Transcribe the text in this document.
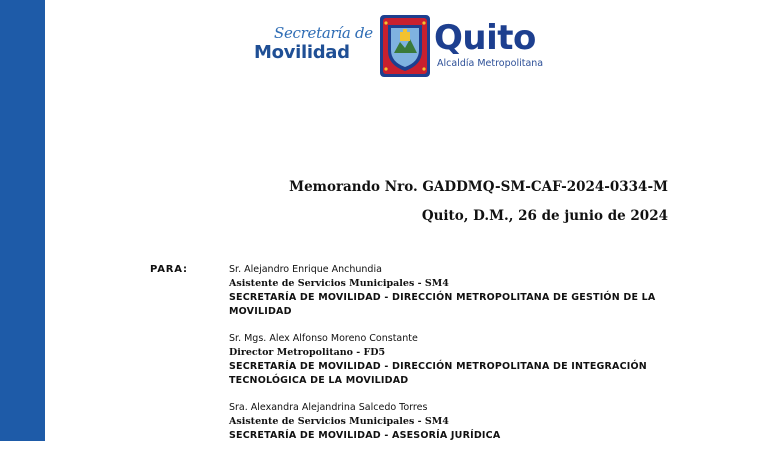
Secretaría de
Movilidad Quito
Alcaldía Metropolitana
Memorando Nro. GADDMQ-SM-CAF-2024-0334-M
Quito, D.M., 26 de junio de 2024
PARA:	Sr. Alejandro Enrique Anchundia
Asistente de Servicios Municipales - SM4
SECRETARÍA DE MOVILIDAD - DIRECCIÓN METROPOLITANA DE GESTIÓN DE LA MOVILIDAD
Sr. Mgs. Alex Alfonso Moreno Constante
Director Metropolitano - FD5
SECRETARÍA DE MOVILIDAD - DIRECCIÓN METROPOLITANA DE INTEGRACIÓN TECNOLÓGICA DE LA MOVILIDAD
Sra. Alexandra Alejandrina Salcedo Torres
Asistente de Servicios Municipales - SM4
SECRETARÍA DE MOVILIDAD - ASESORÍA JURÍDICA
